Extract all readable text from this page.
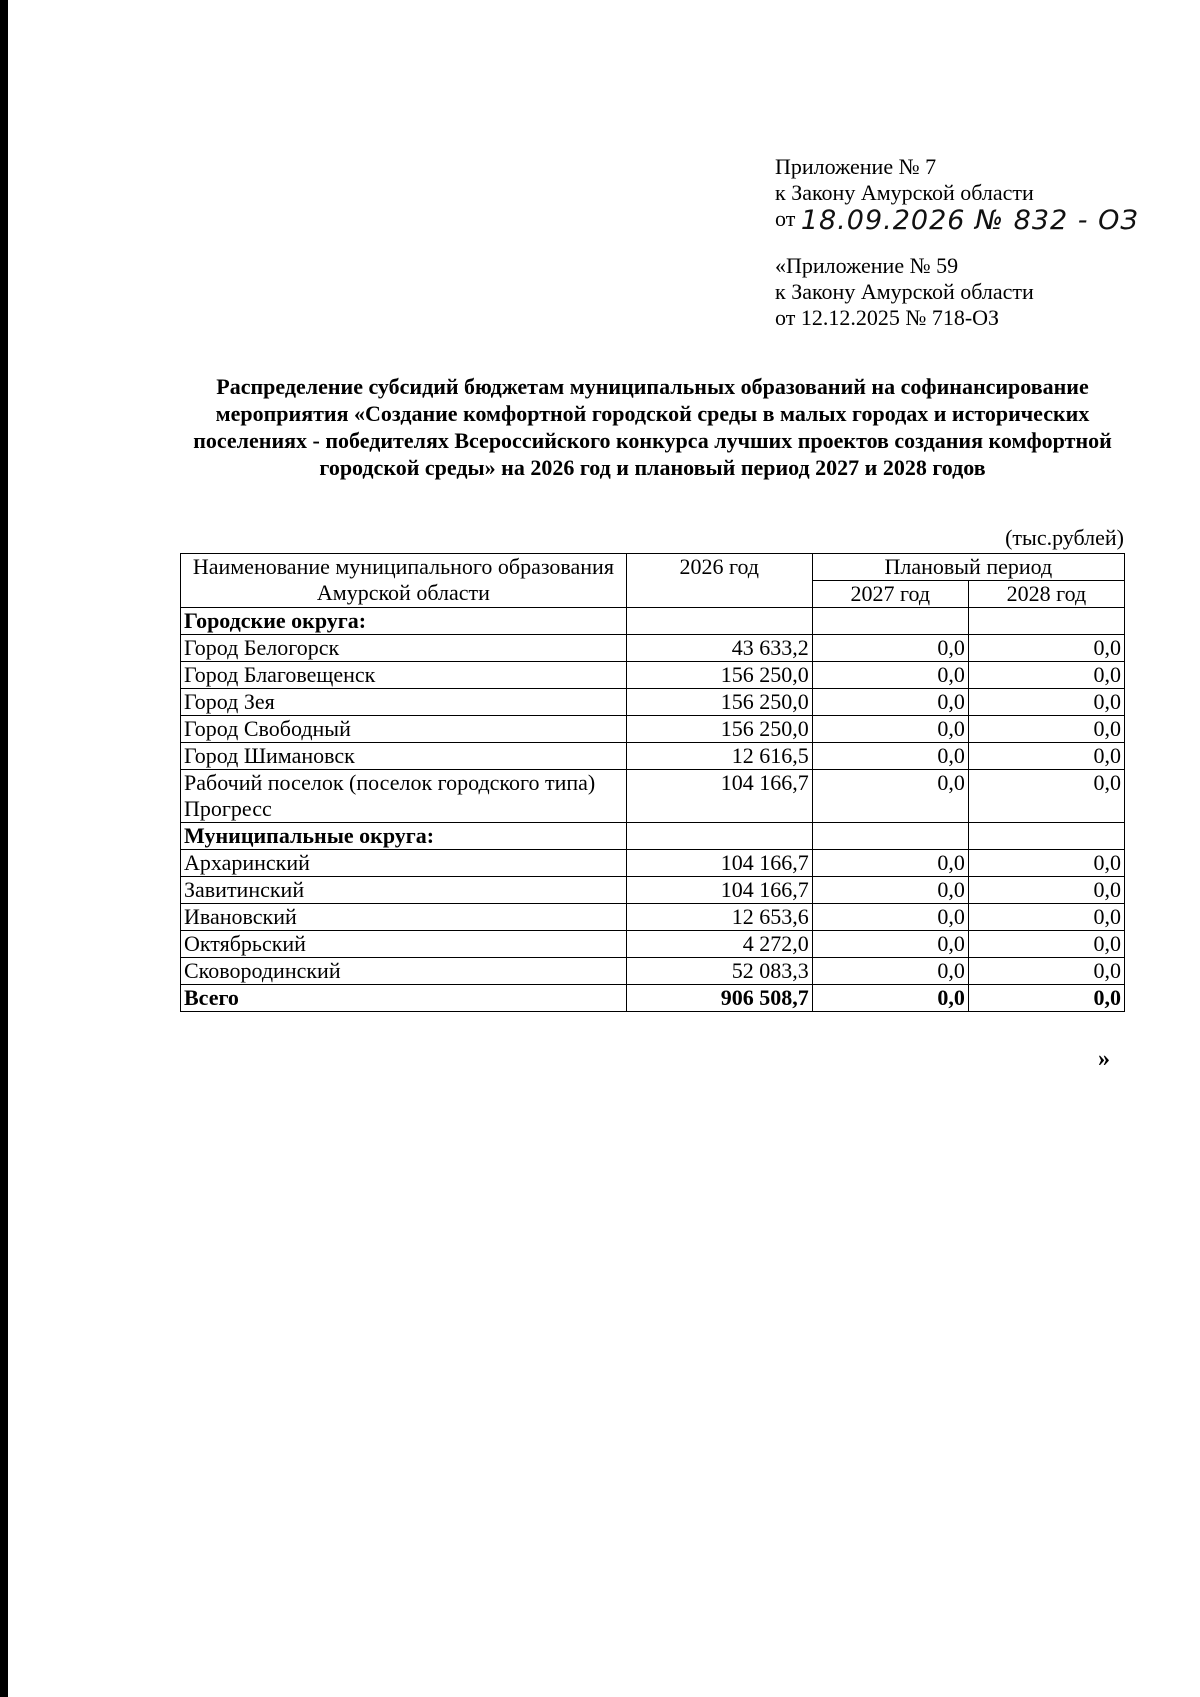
Приложение № 7
к Закону Амурской области
от 18.09.2026 № 832 - ОЗ
«Приложение № 59
к Закону Амурской области
от 12.12.2025 № 718-ОЗ
Распределение субсидий бюджетам муниципальных образований на софинансирование мероприятия «Создание комфортной городской среды в малых городах и исторических поселениях - победителях Всероссийского конкурса лучших проектов создания комфортной городской среды» на 2026 год и плановый период 2027 и 2028 годов
(тыс.рублей)
Наименование муниципального образования Амурской области	2026 год	Плановый период	
		2027 год	2028 год
Городские округа:			
Город Белогорск	43 633,2	0,0	0,0
Город Благовещенск	156 250,0	0,0	0,0
Город Зея	156 250,0	0,0	0,0
Город Свободный	156 250,0	0,0	0,0
Город Шимановск	12 616,5	0,0	0,0
Рабочий поселок (поселок городского типа) Прогресс	104 166,7	0,0	0,0
Муниципальные округа:			
Архаринский	104 166,7	0,0	0,0
Завитинский	104 166,7	0,0	0,0
Ивановский	12 653,6	0,0	0,0
Октябрьский	4 272,0	0,0	0,0
Сковородинский	52 083,3	0,0	0,0
Всего	906 508,7	0,0	0,0
»
